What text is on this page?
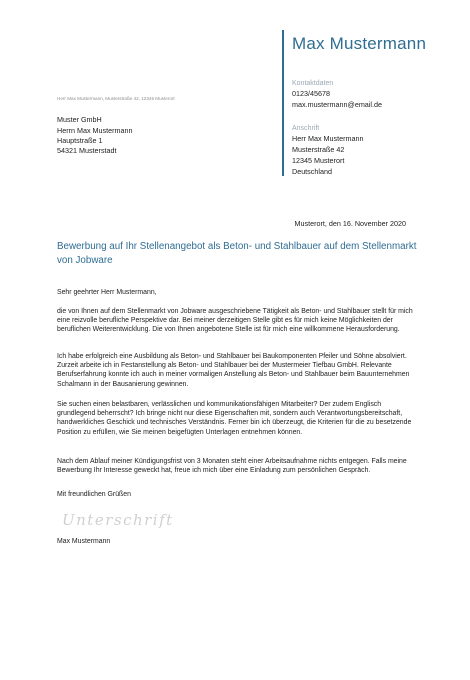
Max Mustermann
Kontaktdaten
0123/45678
max.mustermann@email.de
Anschrift
Herr Max Mustermann
Musterstraße 42
12345 Musterort
Deutschland
Herr Max Mustermann, Musterstraße 42, 12345 Musterort
Muster GmbH
Herrn Max Mustermann
Hauptstraße 1
54321 Musterstadt
Musterort, den 16. November 2020
Bewerbung auf Ihr Stellenangebot als Beton- und Stahlbauer auf dem Stellenmarkt von Jobware

Sehr geehrter Herr Mustermann,

die von Ihnen auf dem Stellenmarkt von Jobware ausgeschriebene Tätigkeit als Beton- und Stahlbauer stellt für mich eine reizvolle berufliche Perspektive dar. Bei meiner derzeitigen Stelle gibt es für mich keine Möglichkeiten der beruflichen Weiterentwicklung. Die von Ihnen angebotene Stelle ist für mich eine willkommene Herausforderung.

Ich habe erfolgreich eine Ausbildung als Beton- und Stahlbauer bei Baukomponenten Pfeiler und Söhne absolviert. Zurzeit arbeite ich in Festanstellung als Beton- und Stahlbauer bei der Mustermeier Tiefbau GmbH. Relevante Berufserfahrung konnte ich auch in meiner vormaligen Anstellung als Beton- und Stahlbauer beim Bauunternehmen Schalmann in der Bausanierung gewinnen.

Sie suchen einen belastbaren, verlässlichen und kommunikationsfähigen Mitarbeiter? Der zudem Englisch grundlegend beherrscht? Ich bringe nicht nur diese Eigenschaften mit, sondern auch Verantwortungsbereitschaft, handwerkliches Geschick und technisches Verständnis. Ferner bin ich überzeugt, die Kriterien für die zu besetzende Position zu erfüllen, wie Sie meinen beigefügten Unterlagen entnehmen können.

Nach dem Ablauf meiner Kündigungsfrist von 3 Monaten steht einer Arbeitsaufnahme nichts entgegen. Falls meine Bewerbung Ihr Interesse geweckt hat, freue ich mich über eine Einladung zum persönlichen Gespräch.

Mit freundlichen Grüßen

Unterschrift

Max Mustermann
